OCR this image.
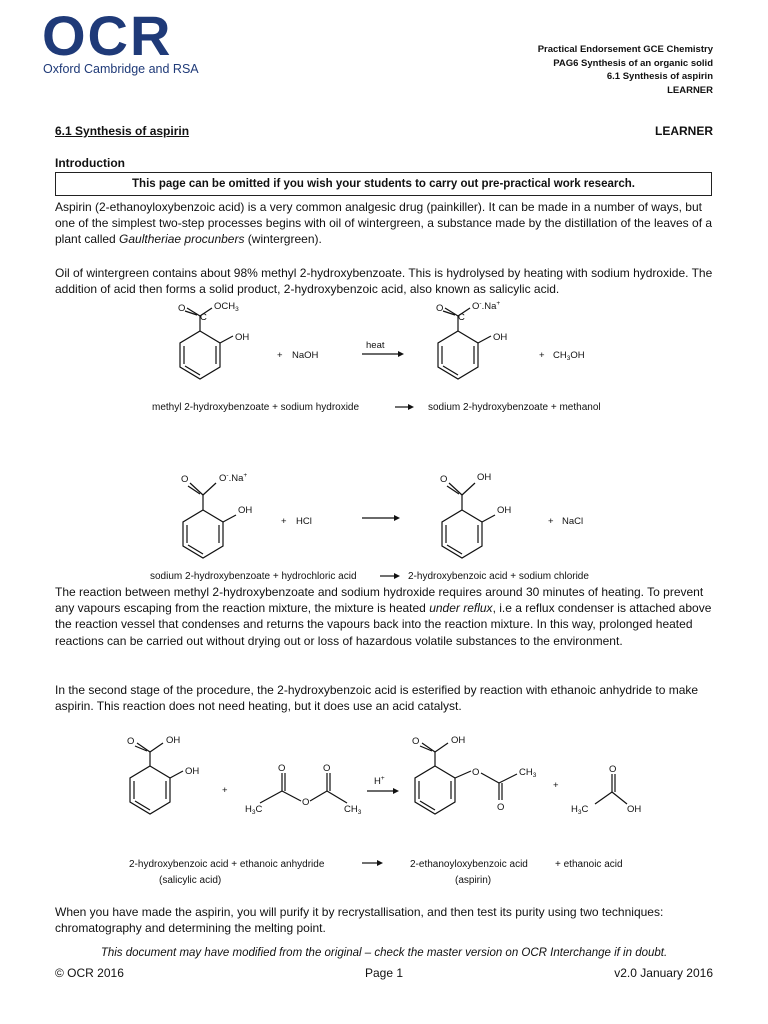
OCR
Oxford Cambridge and RSA
Practical Endorsement GCE Chemistry
PAG6 Synthesis of an organic solid
6.1 Synthesis of aspirin
LEARNER
6.1 Synthesis of aspirin	LEARNER
Introduction
This page can be omitted if you wish your students to carry out pre-practical work research.
Aspirin (2-ethanoyloxybenzoic acid) is a very common analgesic drug (painkiller). It can be made in a number of ways, but one of the simplest two-step processes begins with oil of wintergreen, a substance made by the distillation of the leaves of a plant called Gaultheriae procunbers (wintergreen).
Oil of wintergreen contains about 98% methyl 2-hydroxybenzoate. This is hydrolysed by heating with sodium hydroxide. The addition of acid then forms a solid product, 2-hydroxybenzoic acid, also known as salicylic acid.
O	O
C	C
$OCH_3$
OH
+ NaOH
heat
O-.Na+
OH
+ $CH_3OH$
methyl 2-hydroxybenzoate + sodium hydroxide	sodium 2-hydroxybenzoate + methanol
O	O
O-.Na+
OH
+ HCl
OH
OH
+ NaCl
sodium 2-hydroxybenzoate + hydrochloric acid	2-hydroxybenzoic acid + sodium chloride
The reaction between methyl 2-hydroxybenzoate and sodium hydroxide requires around 30 minutes of heating. To prevent any vapours escaping from the reaction mixture, the mixture is heated under reflux, i.e a reflux condenser is attached above the reaction vessel that condenses and returns the vapours back into the reaction mixture. In this way, prolonged heated reactions can be carried out without drying out or loss of hazardous volatile substances to the environment.
In the second stage of the procedure, the 2-hydroxybenzoic acid is esterified by reaction with ethanoic anhydride to make aspirin. This reaction does not need heating, but it does use an acid catalyst.
O	O
O	O
O
O
O
O
OH
OH
+
$H_3C$	$CH_3$
H+
OH
$CH_3$
+
$H_3C$	OH
2-hydroxybenzoic acid + ethanoic anhydride
(salicylic acid)
2-ethanoyloxybenzoic acid
(aspirin)
+ ethanoic acid
When you have made the aspirin, you will purify it by recrystallisation, and then test its purity using two techniques: chromatography and determining the melting point.
This document may have modified from the original – check the master version on OCR Interchange if in doubt.
© OCR 2016	Page 1	v2.0 January 2016
